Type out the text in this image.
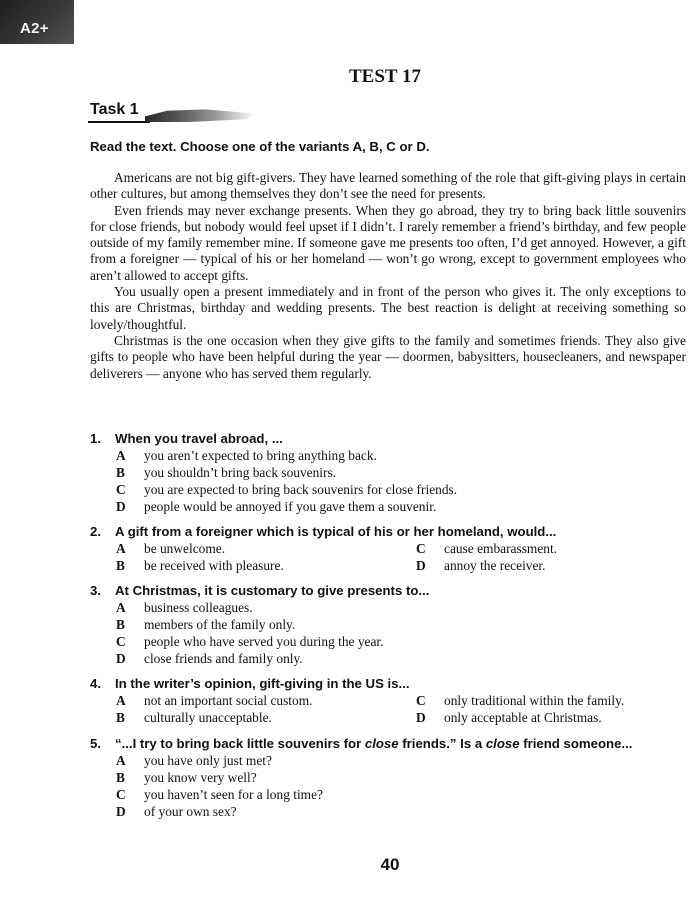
A2+
TEST 17
Task 1
Read the text. Choose one of the variants A, B, C or D.

Americans are not big gift-givers. They have learned something of the role that gift-giving plays in certain other cultures, but among themselves they don’t see the need for presents.

Even friends may never exchange presents. When they go abroad, they try to bring back little souvenirs for close friends, but nobody would feel upset if I didn’t. I rarely remember a friend’s birthday, and few people outside of my family remember mine. If someone gave me presents too often, I’d get annoyed. However, a gift from a foreigner — typical of his or her homeland — won’t go wrong, except to government employees who aren’t allowed to accept gifts.

You usually open a present immediately and in front of the person who gives it. The only exceptions to this are Christmas, birthday and wedding presents. The best reaction is delight at receiving something so lovely/thoughtful.

Christmas is the one occasion when they give gifts to the family and sometimes friends. They also give gifts to people who have been helpful during the year — doormen, babysitters, housecleaners, and newspaper deliverers — anyone who has served them regularly.

1.	When you travel abroad, ...
A	you aren’t expected to bring anything back.
B	you shouldn’t bring back souvenirs.
C	you are expected to bring back souvenirs for close friends.
D	people would be annoyed if you gave them a souvenir.
2.	A gift from a foreigner which is typical of his or her homeland, would...
A	be unwelcome.	C	cause embarassment.
B	be received with pleasure.	D	annoy the receiver.
3.	At Christmas, it is customary to give presents to...
A	business colleagues.
B	members of the family only.
C	people who have served you during the year.
D	close friends and family only.
4.	In the writer’s opinion, gift-giving in the US is...
A	not an important social custom.	C	only traditional within the family.
B	culturally unacceptable.	D	only acceptable at Christmas.
5.	“...I try to bring back little souvenirs for close friends.” Is a close friend someone...
A	you have only just met?
B	you know very well?
C	you haven’t seen for a long time?
D	of your own sex?
40
